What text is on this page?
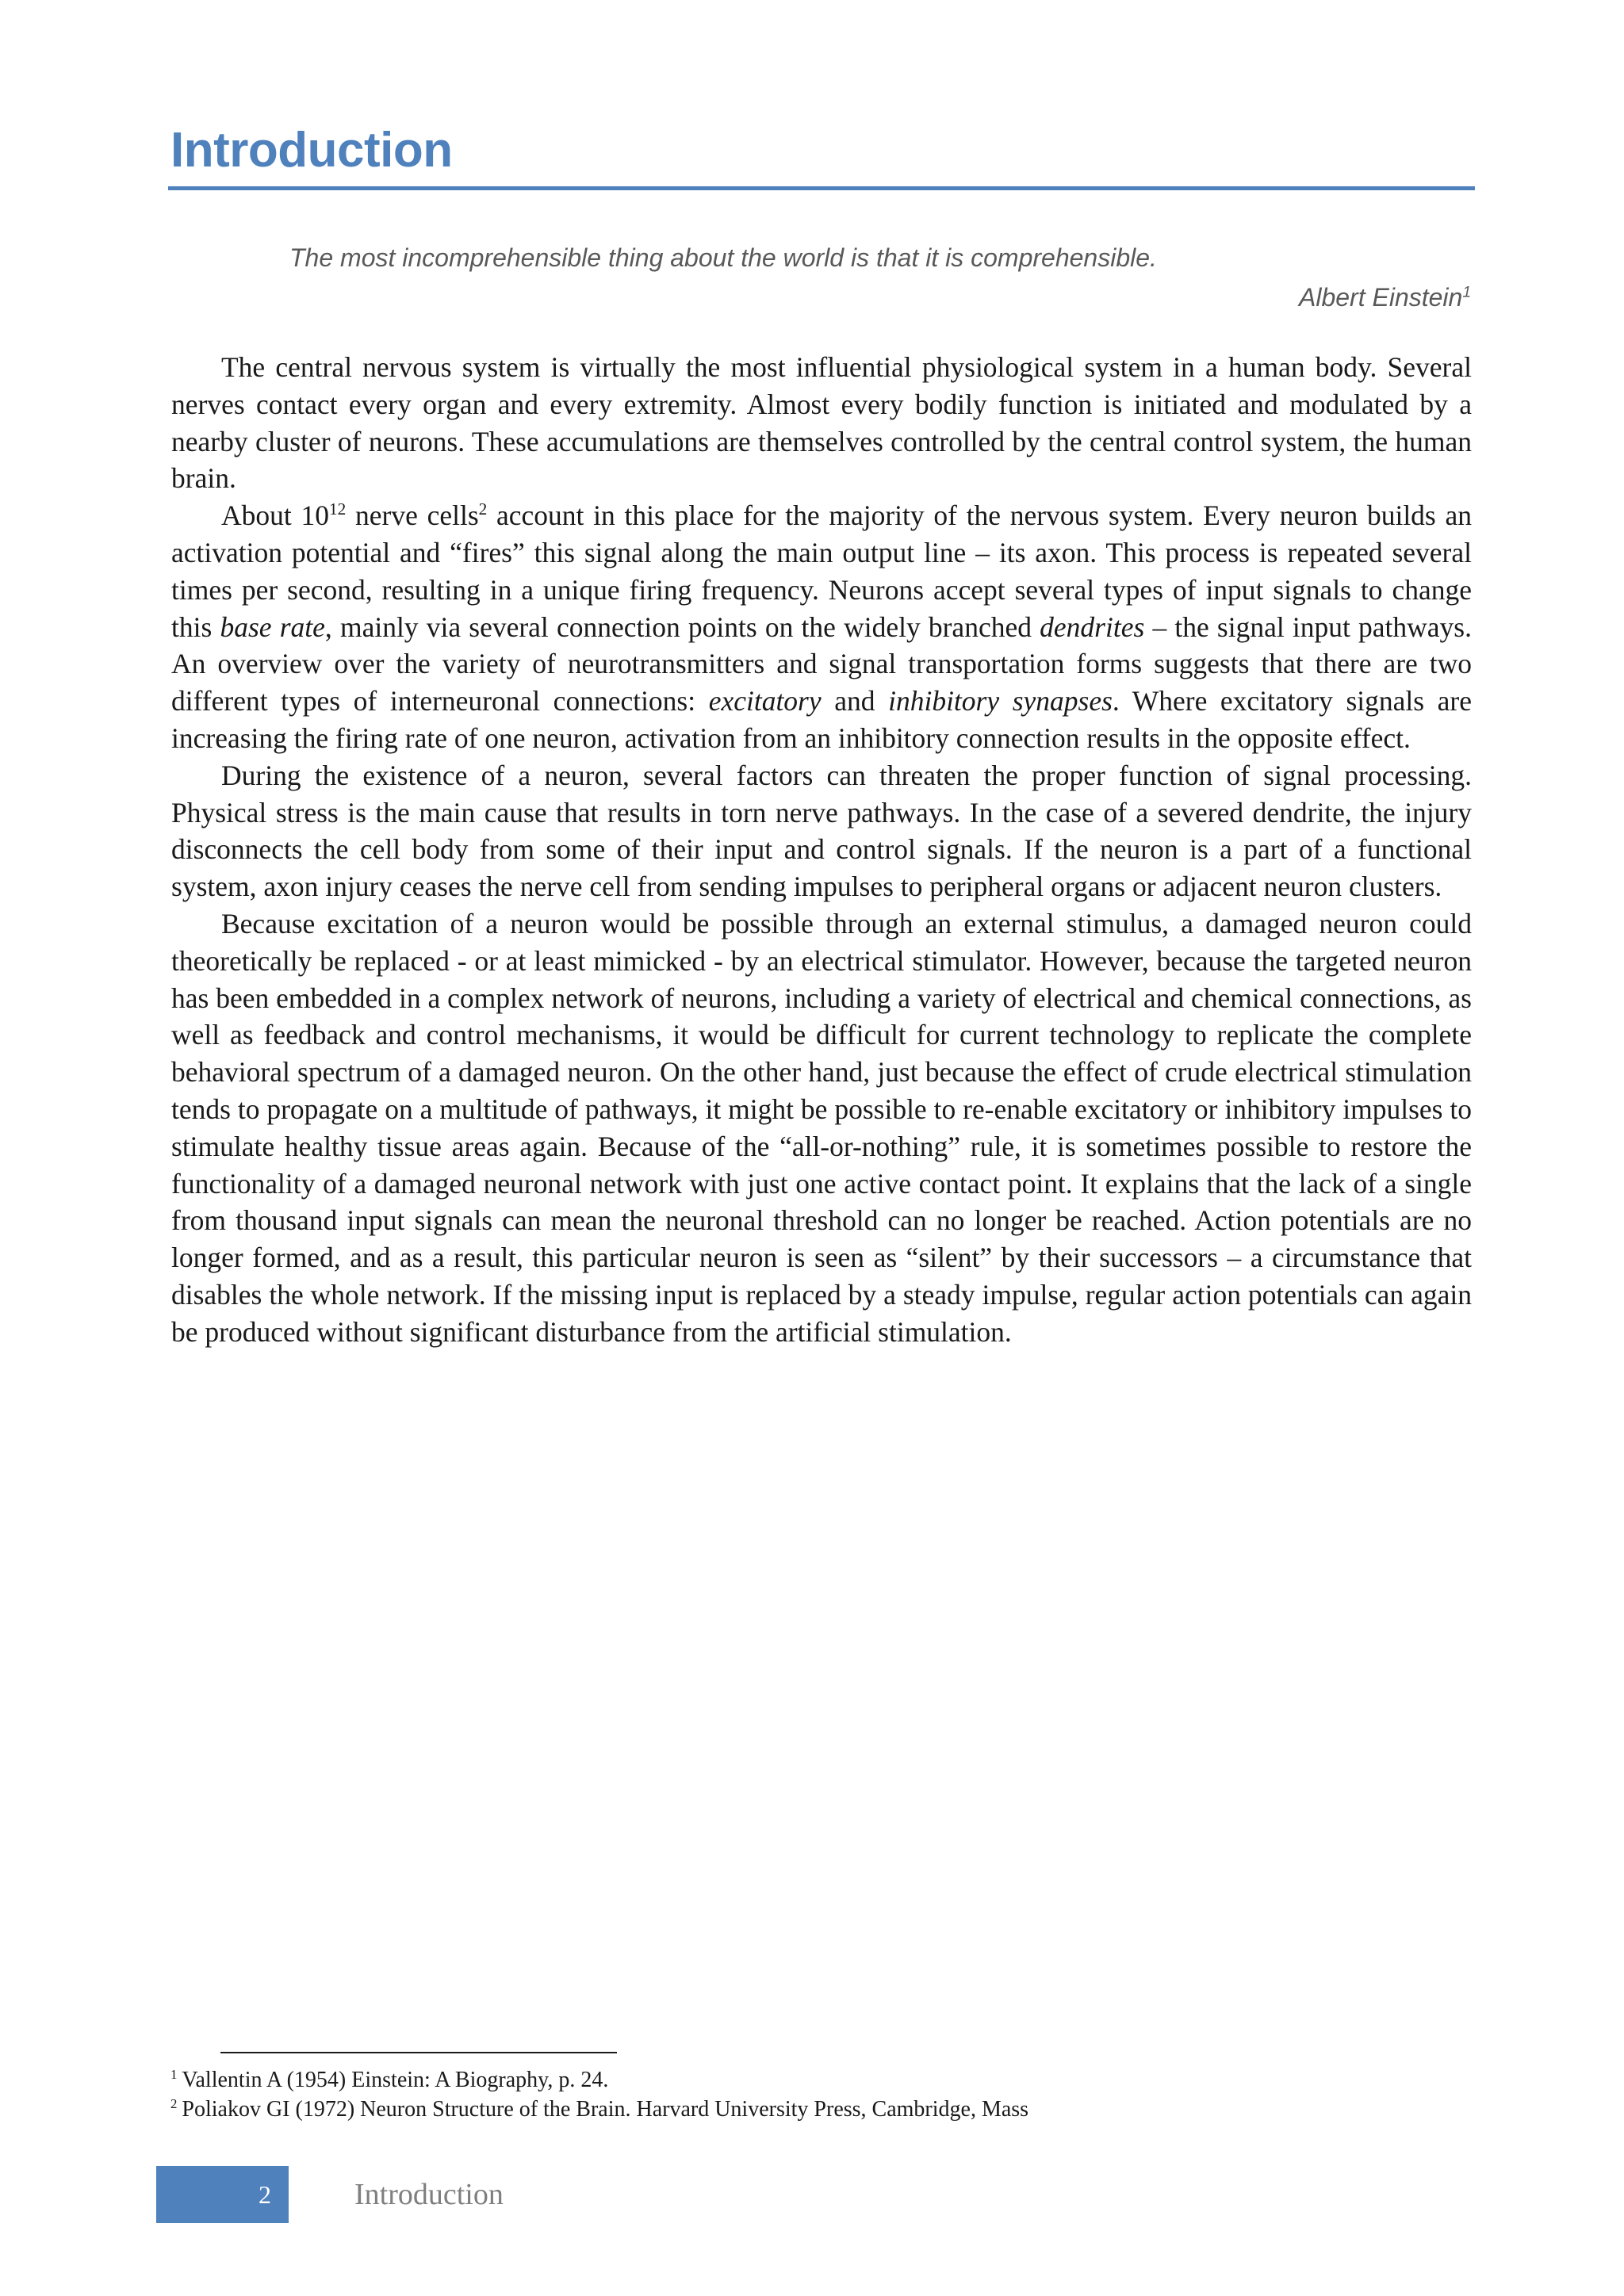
Introduction

The most incomprehensible thing about the world is that it is comprehensible.

Albert Einstein$^1$

The central nervous system is virtually the most influential physiological system in a human body. Several nerves contact every organ and every extremity. Almost every bodily function is initiated and modulated by a nearby cluster of neurons. These accumulations are themselves controlled by the central control system, the human brain.

About $10^{12}$ nerve cells$^2$ account in this place for the majority of the nervous system. Every neuron builds an activation potential and “fires” this signal along the main output line – its axon. This process is repeated several times per second, resulting in a unique firing frequency. Neurons accept several types of input signals to change this base rate, mainly via several connection points on the widely branched dendrites – the signal input pathways. An overview over the variety of neurotransmitters and signal transportation forms suggests that there are two different types of interneuronal connections: excitatory and inhibitory synapses. Where excitatory signals are increasing the firing rate of one neuron, activation from an inhibitory connection results in the opposite effect.

During the existence of a neuron, several factors can threaten the proper function of signal processing. Physical stress is the main cause that results in torn nerve pathways. In the case of a severed dendrite, the injury disconnects the cell body from some of their input and control signals. If the neuron is a part of a functional system, axon injury ceases the nerve cell from sending impulses to peripheral organs or adjacent neuron clusters.

Because excitation of a neuron would be possible through an external stimulus, a damaged neuron could theoretically be replaced - or at least mimicked - by an electrical stimulator. However, because the targeted neuron has been embedded in a complex network of neurons, including a variety of electrical and chemical connections, as well as feedback and control mechanisms, it would be difficult for current technology to replicate the complete behavioral spectrum of a damaged neuron. On the other hand, just because the effect of crude electrical stimulation tends to propagate on a multitude of pathways, it might be possible to re-enable excitatory or inhibitory impulses to stimulate healthy tissue areas again. Because of the “all-or-nothing” rule, it is sometimes possible to restore the functionality of a damaged neuronal network with just one active contact point. It explains that the lack of a single from thousand input signals can mean the neuronal threshold can no longer be reached. Action potentials are no longer formed, and as a result, this particular neuron is seen as “silent” by their successors – a circumstance that disables the whole network. If the missing input is replaced by a steady impulse, regular action potentials can again be produced without significant disturbance from the artificial stimulation.

$^1$ Vallentin A (1954) Einstein: A Biography, p. 24.
$^2$ Poliakov GI (1972) Neuron Structure of the Brain. Harvard University Press, Cambridge, Mass
2	Introduction
